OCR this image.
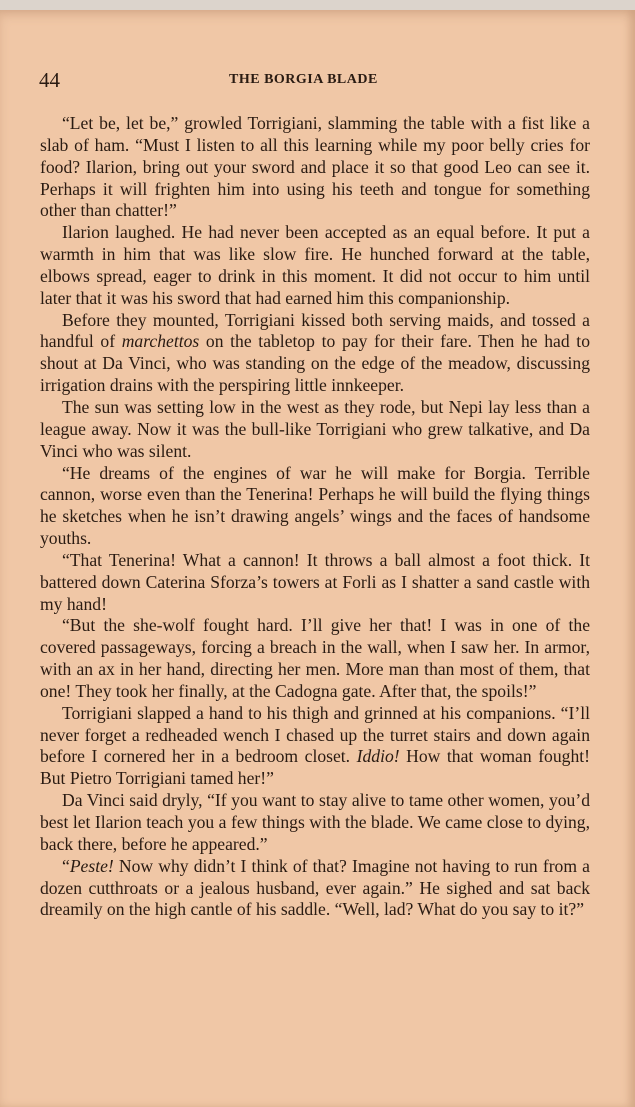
44	THE BORGIA BLADE

“Let be, let be,” growled Torrigiani, slamming the table with a fist like a slab of ham. “Must I listen to all this learning while my poor belly cries for food? Ilarion, bring out your sword and place it so that good Leo can see it. Perhaps it will frighten him into using his teeth and tongue for something other than chatter!”

Ilarion laughed. He had never been accepted as an equal before. It put a warmth in him that was like slow fire. He hunched forward at the table, elbows spread, eager to drink in this moment. It did not occur to him until later that it was his sword that had earned him this companionship.

Before they mounted, Torrigiani kissed both serving maids, and tossed a handful of marchettos on the tabletop to pay for their fare. Then he had to shout at Da Vinci, who was standing on the edge of the meadow, discussing irrigation drains with the perspiring little innkeeper.

The sun was setting low in the west as they rode, but Nepi lay less than a league away. Now it was the bull-like Torrigiani who grew talkative, and Da Vinci who was silent.

“He dreams of the engines of war he will make for Borgia. Terrible cannon, worse even than the Tenerina! Perhaps he will build the flying things he sketches when he isn’t drawing angels’ wings and the faces of handsome youths.

“That Tenerina! What a cannon! It throws a ball almost a foot thick. It battered down Caterina Sforza’s towers at Forli as I shatter a sand castle with my hand!

“But the she-wolf fought hard. I’ll give her that! I was in one of the covered passageways, forcing a breach in the wall, when I saw her. In armor, with an ax in her hand, directing her men. More man than most of them, that one! They took her finally, at the Cadogna gate. After that, the spoils!”

Torrigiani slapped a hand to his thigh and grinned at his companions. “I’ll never forget a redheaded wench I chased up the turret stairs and down again before I cornered her in a bedroom closet. Iddio! How that woman fought! But Pietro Torrigiani tamed her!”

Da Vinci said dryly, “If you want to stay alive to tame other women, you’d best let Ilarion teach you a few things with the blade. We came close to dying, back there, before he appeared.”

“Peste! Now why didn’t I think of that? Imagine not having to run from a dozen cutthroats or a jealous husband, ever again.” He sighed and sat back dreamily on the high cantle of his saddle. “Well, lad? What do you say to it?”
